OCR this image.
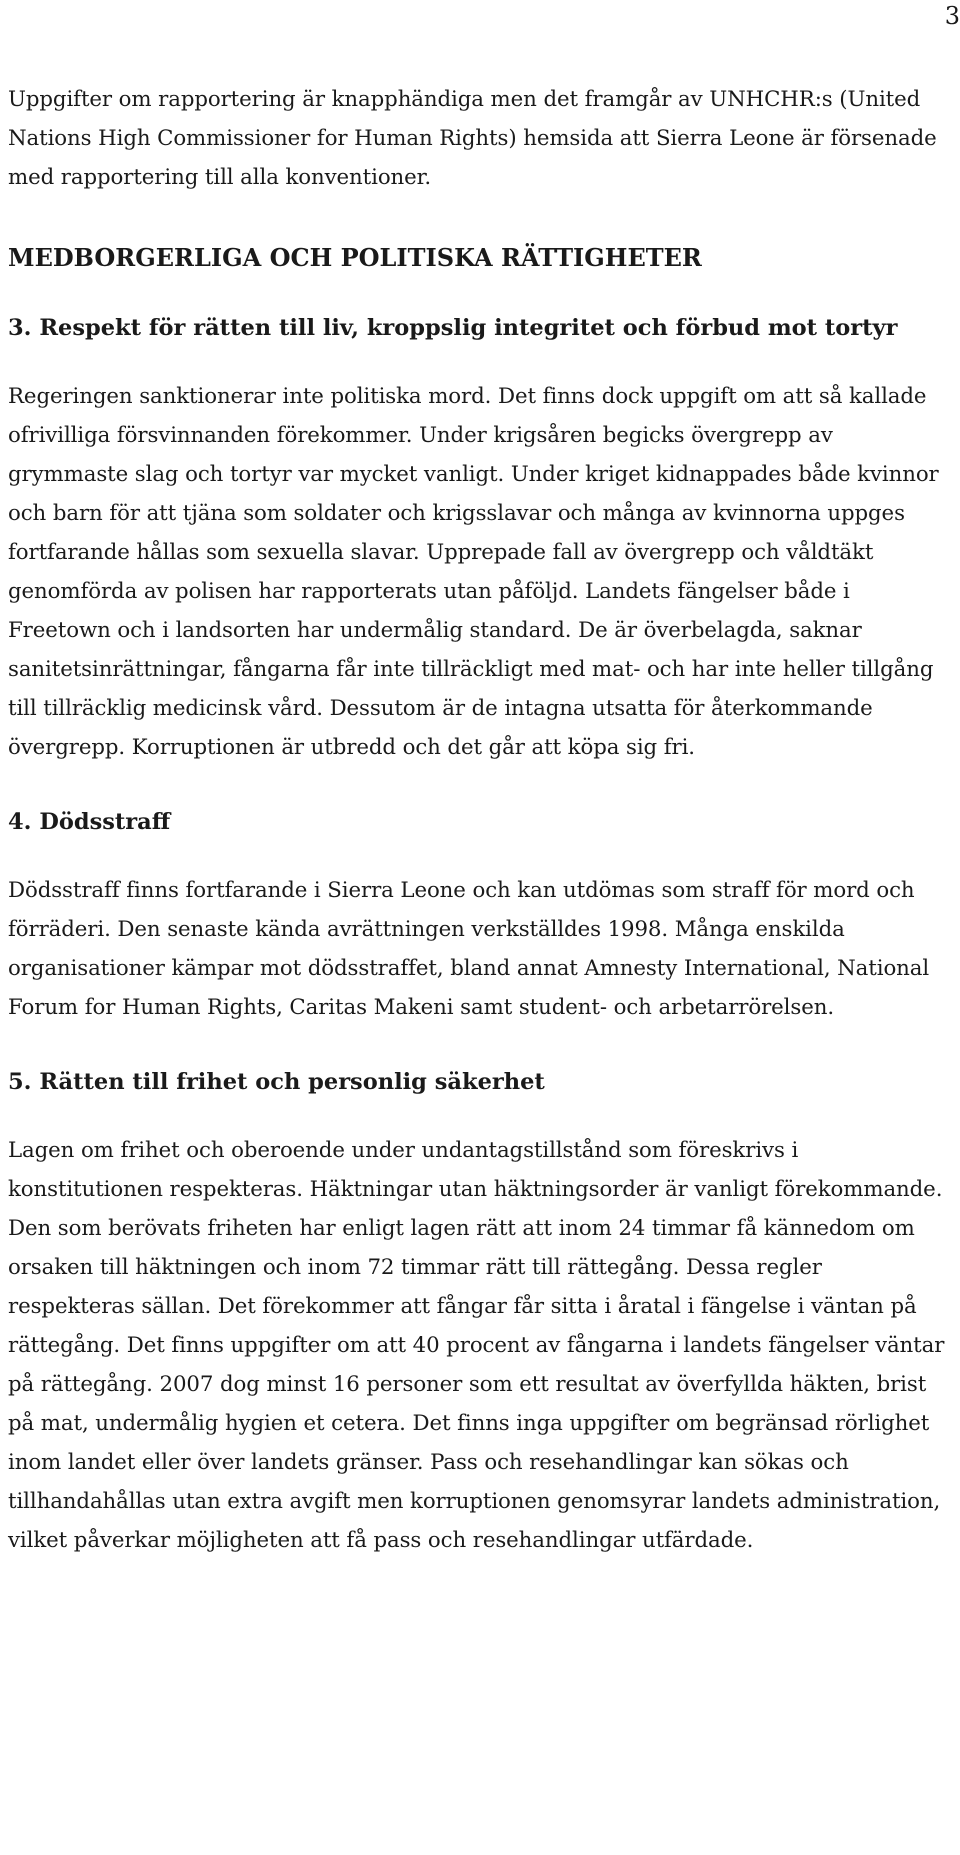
3

Uppgifter om rapportering är knapphändiga men det framgår av UNHCHR:s (United Nations High Commissioner for Human Rights) hemsida att Sierra Leone är försenade med rapportering till alla konventioner.

MEDBORGERLIGA OCH POLITISKA RÄTTIGHETER
3. Respekt för rätten till liv, kroppslig integritet och förbud mot tortyr

Regeringen sanktionerar inte politiska mord. Det finns dock uppgift om att så kallade ofrivilliga försvinnanden förekommer. Under krigsåren begicks övergrepp av grymmaste slag och tortyr var mycket vanligt. Under kriget kidnappades både kvinnor och barn för att tjäna som soldater och krigsslavar och många av kvinnorna uppges fortfarande hållas som sexuella slavar. Upprepade fall av övergrepp och våldtäkt genomförda av polisen har rapporterats utan påföljd. Landets fängelser både i Freetown och i landsorten har undermålig standard. De är överbelagda, saknar sanitetsinrättningar, fångarna får inte tillräckligt med mat- och har inte heller tillgång till tillräcklig medicinsk vård. Dessutom är de intagna utsatta för återkommande övergrepp. Korruptionen är utbredd och det går att köpa sig fri.

4. Dödsstraff

Dödsstraff finns fortfarande i Sierra Leone och kan utdömas som straff för mord och förräderi. Den senaste kända avrättningen verkställdes 1998. Många enskilda organisationer kämpar mot dödsstraffet, bland annat Amnesty International, National Forum for Human Rights, Caritas Makeni samt student- och arbetarrörelsen.

5. Rätten till frihet och personlig säkerhet

Lagen om frihet och oberoende under undantagstillstånd som föreskrivs i konstitutionen respekteras. Häktningar utan häktningsorder är vanligt förekommande. Den som berövats friheten har enligt lagen rätt att inom 24 timmar få kännedom om orsaken till häktningen och inom 72 timmar rätt till rättegång. Dessa regler respekteras sällan. Det förekommer att fångar får sitta i åratal i fängelse i väntan på rättegång. Det finns uppgifter om att 40 procent av fångarna i landets fängelser väntar på rättegång. 2007 dog minst 16 personer som ett resultat av överfyllda häkten, brist på mat, undermålig hygien et cetera. Det finns inga uppgifter om begränsad rörlighet inom landet eller över landets gränser. Pass och resehandlingar kan sökas och tillhandahållas utan extra avgift men korruptionen genomsyrar landets administration, vilket påverkar möjligheten att få pass och resehandlingar utfärdade.
